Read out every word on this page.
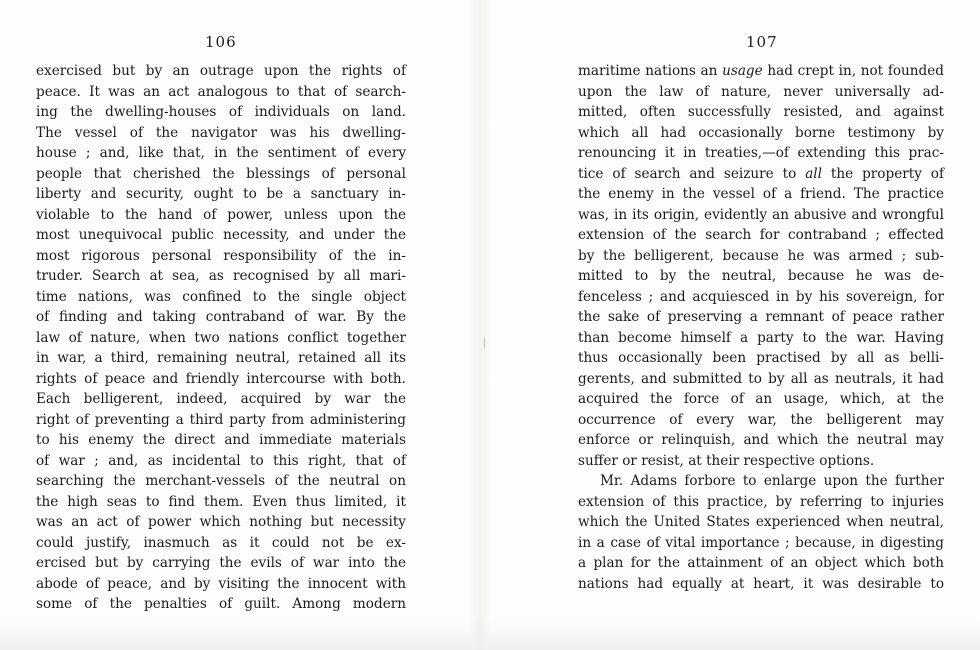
106
exercised but by an outrage upon the rights of
peace. It was an act analogous to that of search-
ing the dwelling-houses of individuals on land.
The vessel of the navigator was his dwelling-
house ; and, like that, in the sentiment of every
people that cherished the blessings of personal
liberty and security, ought to be a sanctuary in-
violable to the hand of power, unless upon the
most unequivocal public necessity, and under the
most rigorous personal responsibility of the in-
truder. Search at sea, as recognised by all mari-
time nations, was confined to the single object
of finding and taking contraband of war. By the
law of nature, when two nations conflict together
in war, a third, remaining neutral, retained all its
rights of peace and friendly intercourse with both.
Each belligerent, indeed, acquired by war the
right of preventing a third party from administering
to his enemy the direct and immediate materials
of war ; and, as incidental to this right, that of
searching the merchant-vessels of the neutral on
the high seas to find them. Even thus limited, it
was an act of power which nothing but necessity
could justify, inasmuch as it could not be ex-
ercised but by carrying the evils of war into the
abode of peace, and by visiting the innocent with
some of the penalties of guilt. Among modern
107
maritime nations an usage had crept in, not founded
upon the law of nature, never universally ad-
mitted, often successfully resisted, and against
which all had occasionally borne testimony by
renouncing it in treaties,—of extending this prac-
tice of search and seizure to all the property of
the enemy in the vessel of a friend. The practice
was, in its origin, evidently an abusive and wrongful
extension of the search for contraband ; effected
by the belligerent, because he was armed ; sub-
mitted to by the neutral, because he was de-
fenceless ; and acquiesced in by his sovereign, for
the sake of preserving a remnant of peace rather
than become himself a party to the war. Having
thus occasionally been practised by all as belli-
gerents, and submitted to by all as neutrals, it had
acquired the force of an usage, which, at the
occurrence of every war, the belligerent may
enforce or relinquish, and which the neutral may
suffer or resist, at their respective options.
Mr. Adams forbore to enlarge upon the further
extension of this practice, by referring to injuries
which the United States experienced when neutral,
in a case of vital importance ; because, in digesting
a plan for the attainment of an object which both
nations had equally at heart, it was desirable to
